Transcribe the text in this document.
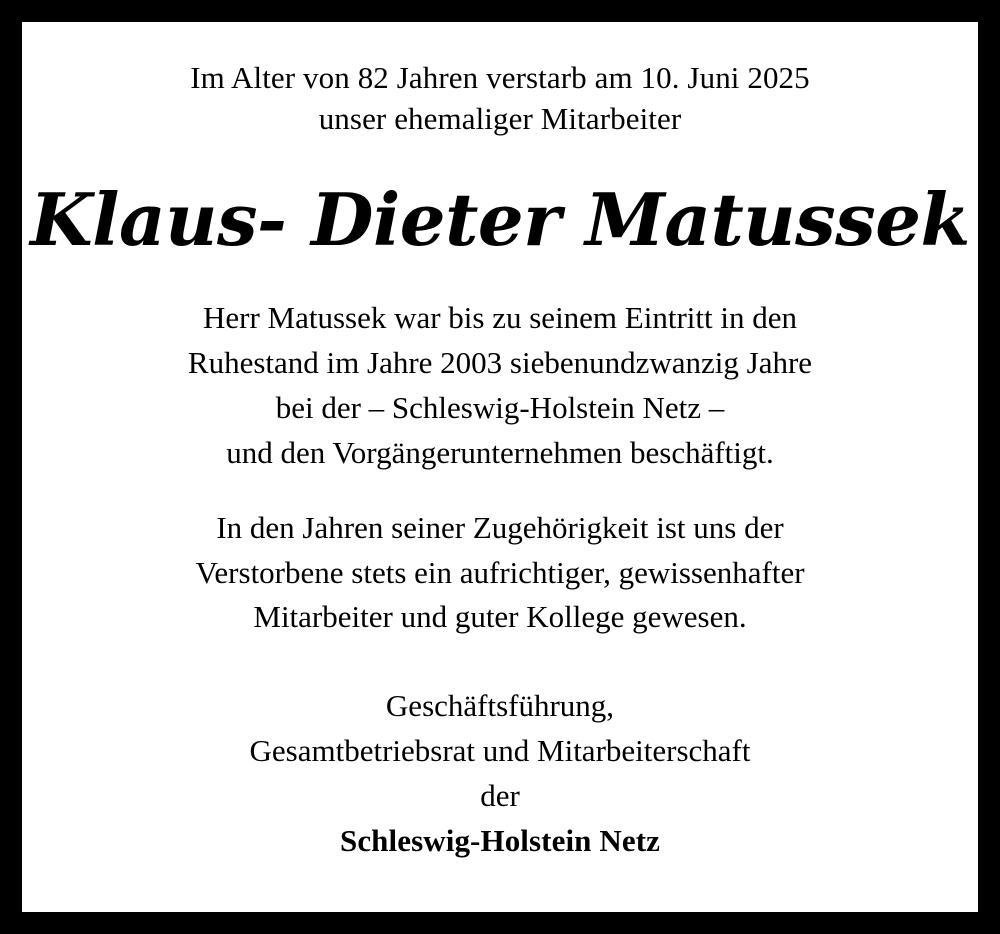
Im Alter von 82 Jahren verstarb am 10. Juni 2025
unser ehemaliger Mitarbeiter
Klaus- Dieter Matussek
Herr Matussek war bis zu seinem Eintritt in den
Ruhestand im Jahre 2003 siebenundzwanzig Jahre
bei der – Schleswig-Holstein Netz –
und den Vorgängerunternehmen beschäftigt.
In den Jahren seiner Zugehörigkeit ist uns der
Verstorbene stets ein aufrichtiger, gewissenhafter
Mitarbeiter und guter Kollege gewesen.
Geschäftsführung,
Gesamtbetriebsrat und Mitarbeiterschaft
der
Schleswig-Holstein Netz
